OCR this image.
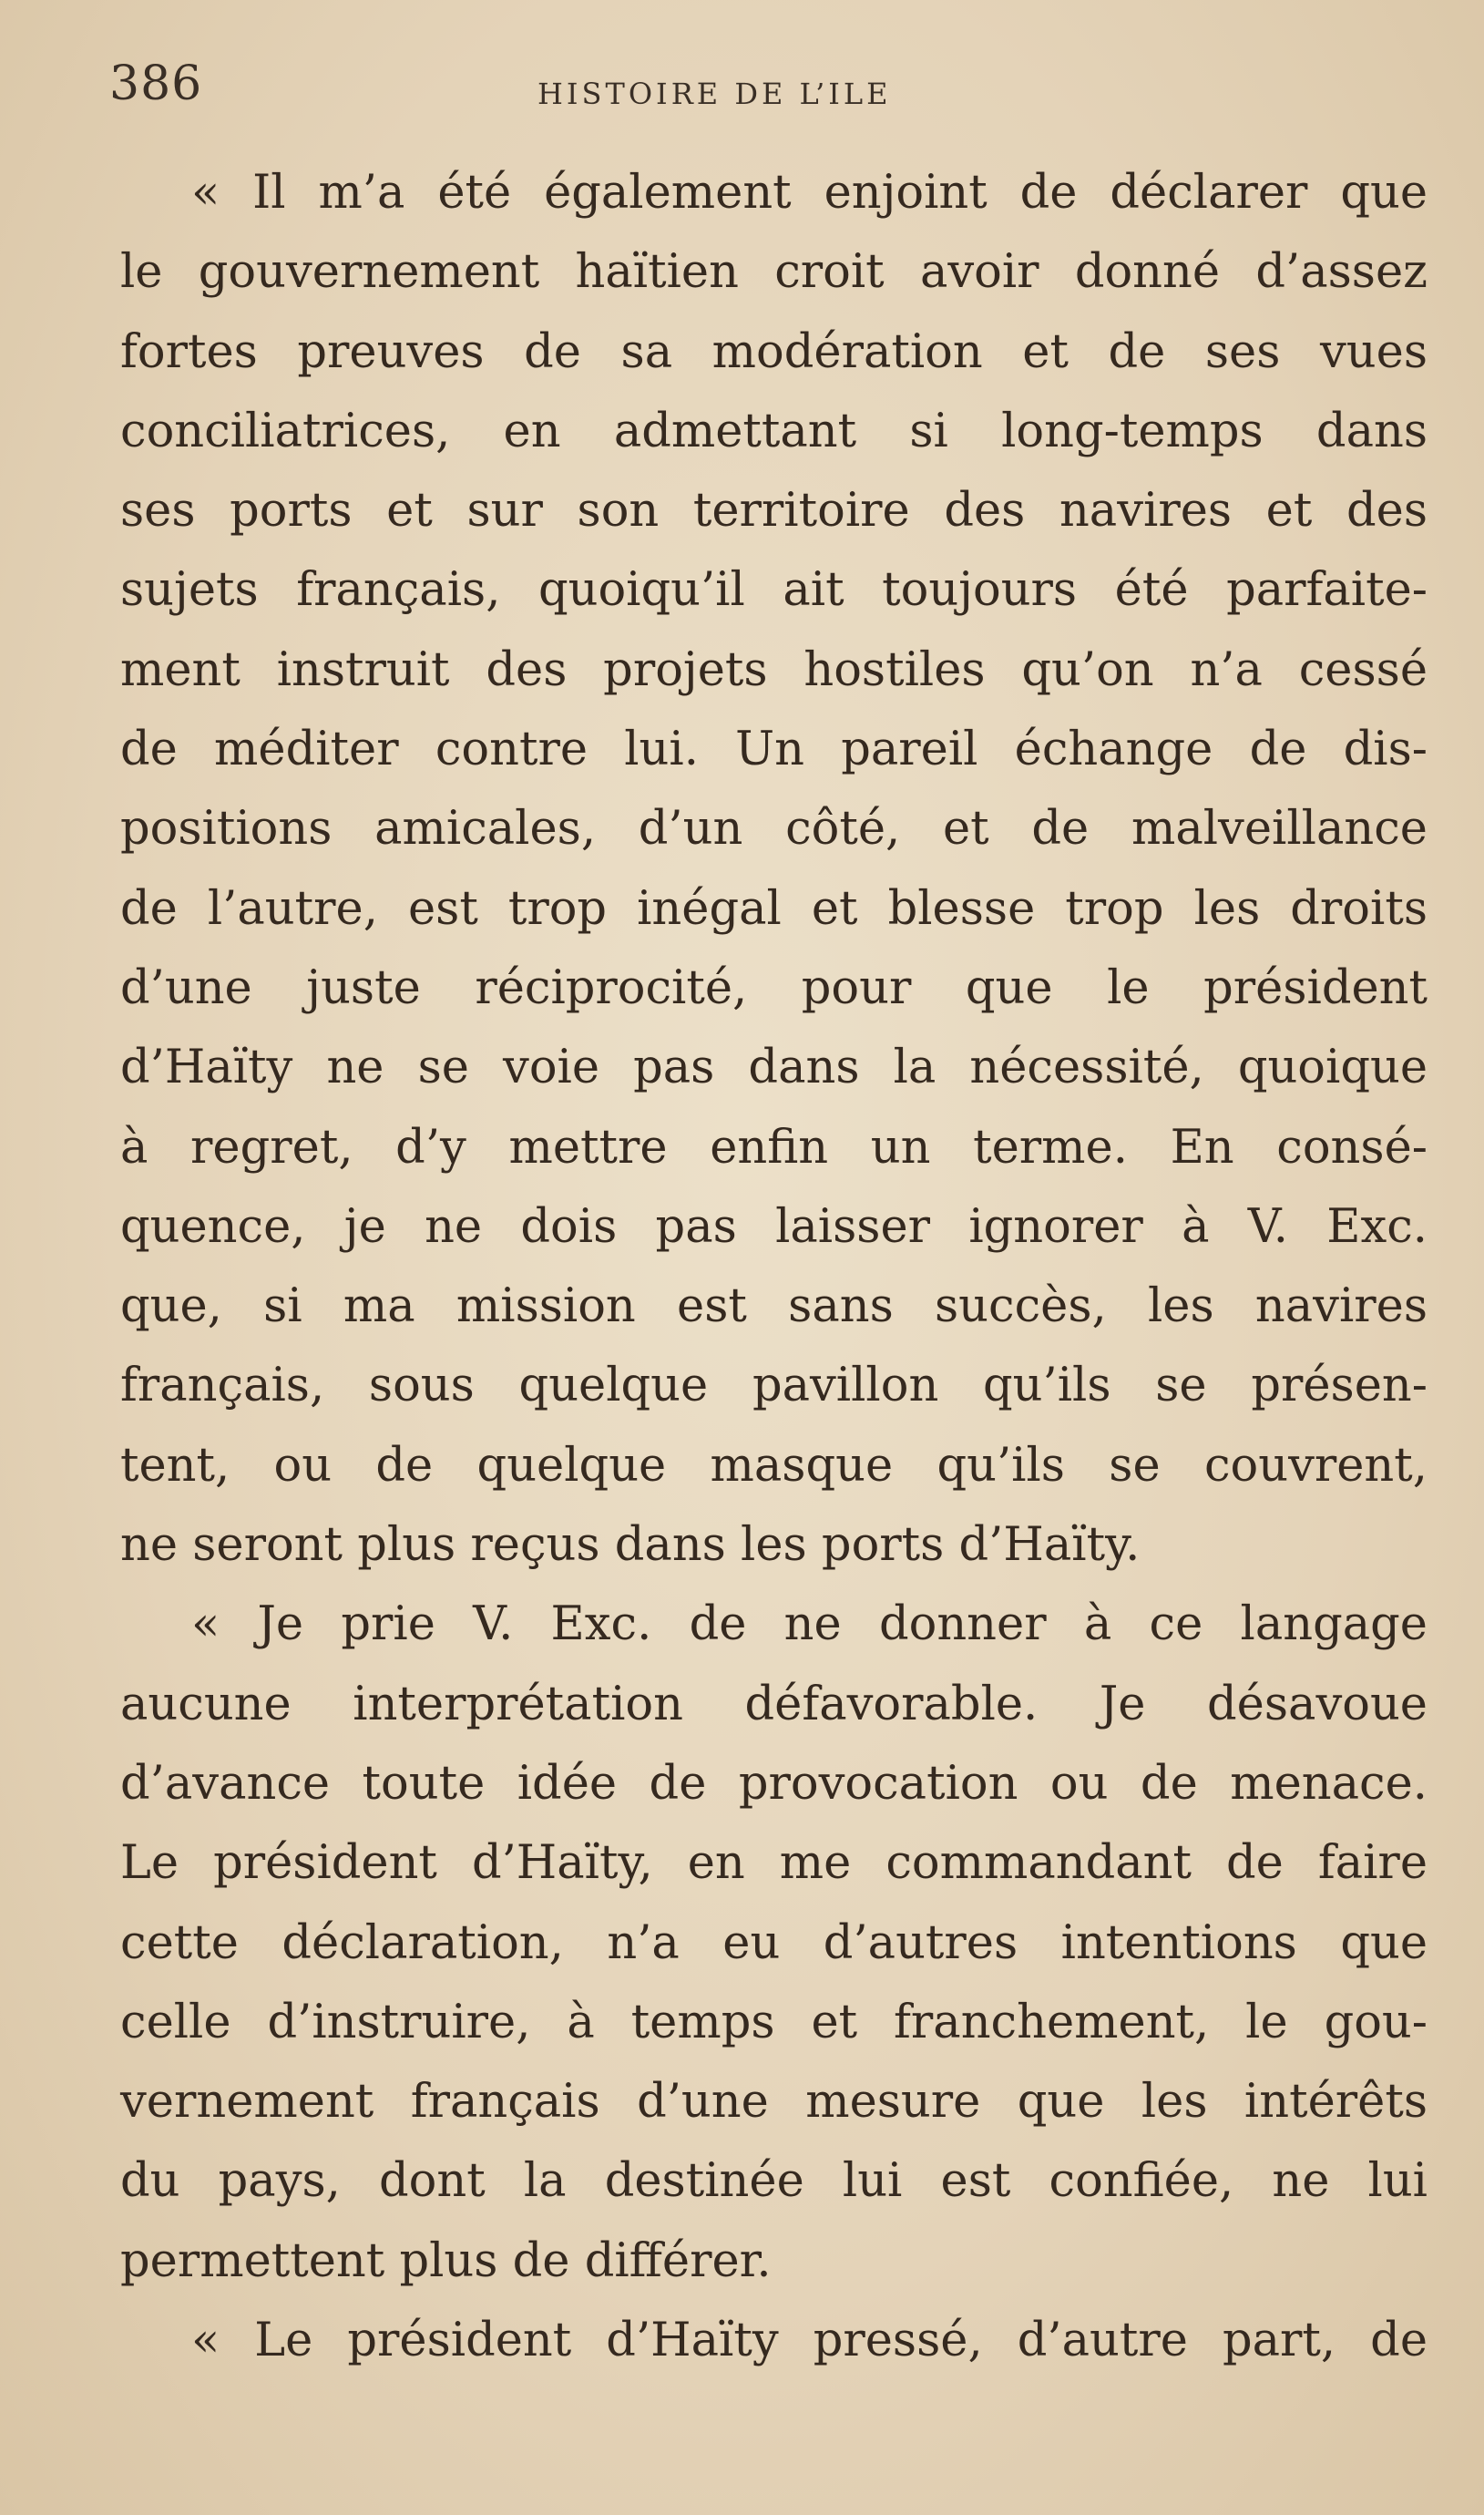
386	HISTOIRE DE L’ILE
« Il m’a été également enjoint de déclarer que
le gouvernement haïtien croit avoir donné d’assez
fortes preuves de sa modération et de ses vues
conciliatrices, en admettant si long-temps dans
ses ports et sur son territoire des navires et des
sujets français, quoiqu’il ait toujours été parfaite-
ment instruit des projets hostiles qu’on n’a cessé
de méditer contre lui. Un pareil échange de dis-
positions amicales, d’un côté, et de malveillance
de l’autre, est trop inégal et blesse trop les droits
d’une juste réciprocité, pour que le président
d’Haïty ne se voie pas dans la nécessité, quoique
à regret, d’y mettre enfin un terme. En consé-
quence, je ne dois pas laisser ignorer à V. Exc.
que, si ma mission est sans succès, les navires
français, sous quelque pavillon qu’ils se présen-
tent, ou de quelque masque qu’ils se couvrent,
ne seront plus reçus dans les ports d’Haïty.
« Je prie V. Exc. de ne donner à ce langage
aucune interprétation défavorable. Je désavoue
d’avance toute idée de provocation ou de menace.
Le président d’Haïty, en me commandant de faire
cette déclaration, n’a eu d’autres intentions que
celle d’instruire, à temps et franchement, le gou-
vernement français d’une mesure que les intérêts
du pays, dont la destinée lui est confiée, ne lui
permettent plus de différer.
« Le président d’Haïty pressé, d’autre part, de
